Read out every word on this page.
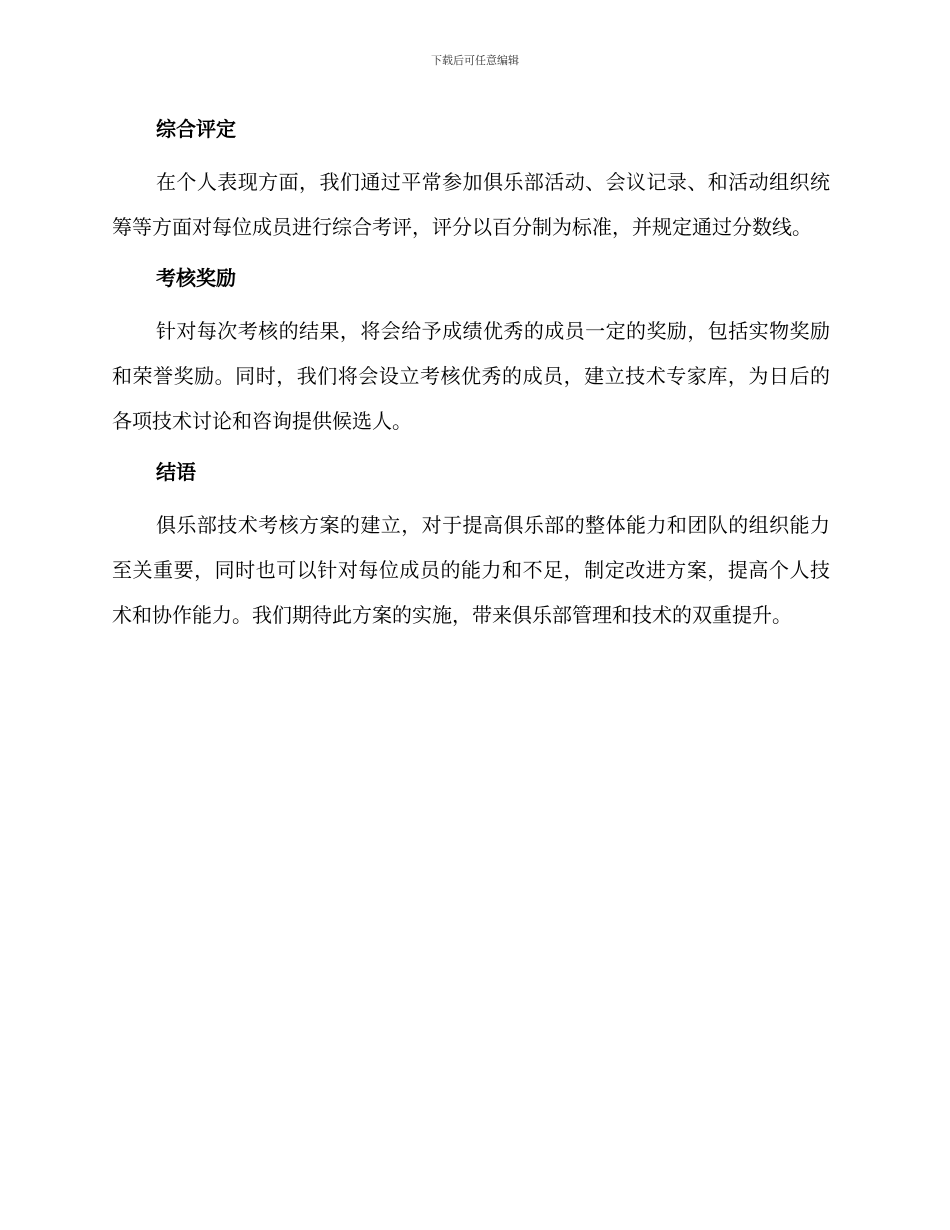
下载后可任意编辑
综合评定

在个人表现方面，我们通过平常参加俱乐部活动、会议记录、和活动组织统筹等方面对每位成员进行综合考评，评分以百分制为标准，并规定通过分数线。

考核奖励

针对每次考核的结果，将会给予成绩优秀的成员一定的奖励，包括实物奖励和荣誉奖励。同时，我们将会设立考核优秀的成员，建立技术专家库，为日后的各项技术讨论和咨询提供候选人。

结语

俱乐部技术考核方案的建立，对于提高俱乐部的整体能力和团队的组织能力至关重要，同时也可以针对每位成员的能力和不足，制定改进方案，提高个人技术和协作能力。我们期待此方案的实施，带来俱乐部管理和技术的双重提升。
